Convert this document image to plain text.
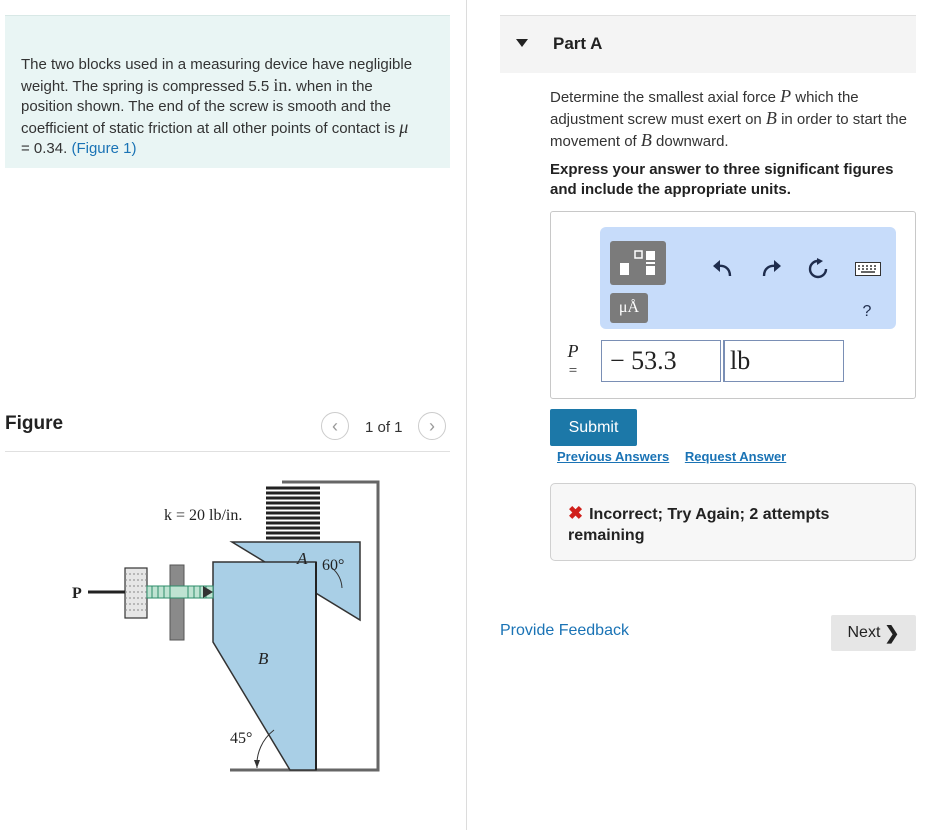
The two blocks used in a measuring device have negligible weight. The spring is compressed 5.5 in. when in the position shown. The end of the screw is smooth and the coefficient of static friction at all other points of contact is μ = 0.34. (Figure 1)

Figure	‹ 1 of 1 ›
k = 20 lb/in.
A 60°
P
B
45°
Part A

Determine the smallest axial force P which the adjustment screw must exert on B in order to start the movement of B downward.

Express your answer to three significant figures and include the appropriate units.

μÅ	?
P
=	− 53.3	lb
Submit
Previous Answers Request Answer
✖ Incorrect; Try Again; 2 attempts remaining
Provide Feedback	Next ❯
